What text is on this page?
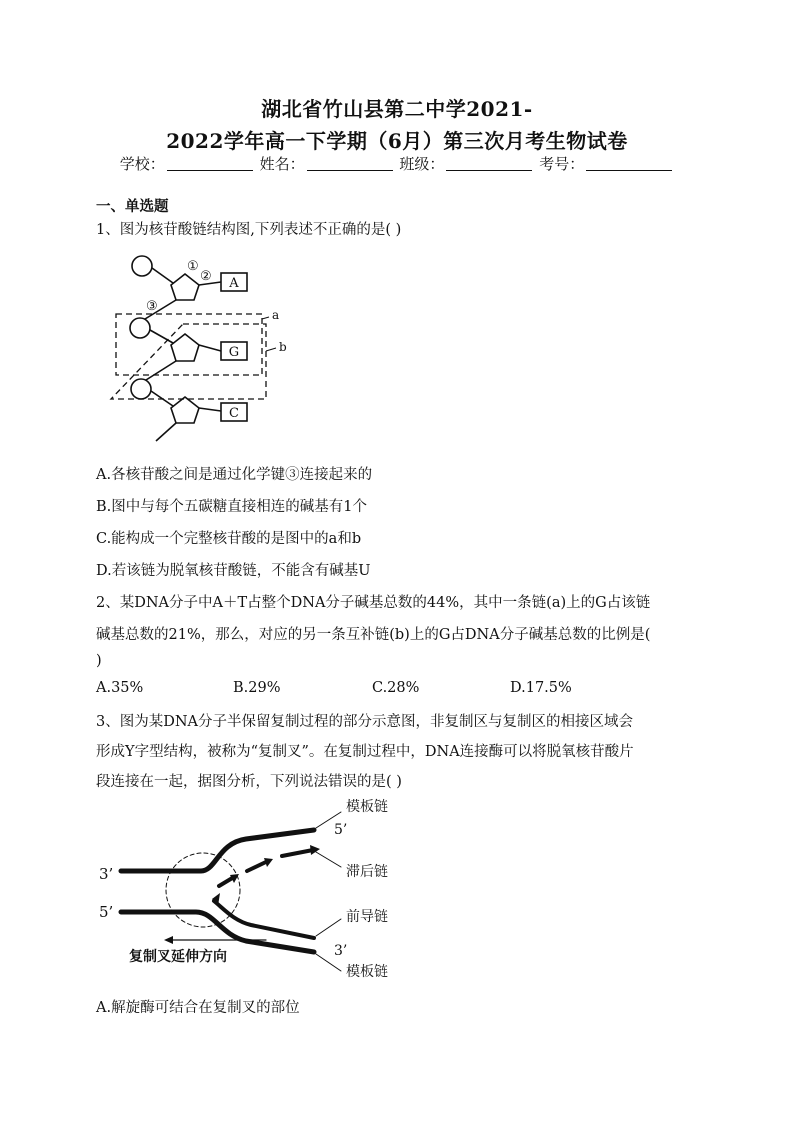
湖北省竹山县第二中学2021-
2022学年高一下学期（6月）第三次月考生物试卷
学校：	姓名：	班级：	考号：
一、单选题
1、图为核苷酸链结构图,下列表述不正确的是( )
①
②
③
a
b
A
G
C
A.各核苷酸之间是通过化学键③连接起来的
B.图中与每个五碳糖直接相连的碱基有1个
C.能构成一个完整核苷酸的是图中的a和b
D.若该链为脱氧核苷酸链，不能含有碱基U
2、某DNA分子中A＋T占整个DNA分子碱基总数的44%，其中一条链(a)上的G占该链
碱基总数的21%，那么，对应的另一条互补链(b)上的G占DNA分子碱基总数的比例是(
)
A.35%	B.29%	C.28%	D.17.5%
3、图为某DNA分子半保留复制过程的部分示意图，非复制区与复制区的相接区域会
形成Y字型结构，被称为“复制叉”。在复制过程中，DNA连接酶可以将脱氧核苷酸片
段连接在一起，据图分析，下列说法错误的是( )
模板链
5’
滞后链
前导链
3’
模板链
3’
5’
复制叉延伸方向
A.解旋酶可结合在复制叉的部位
